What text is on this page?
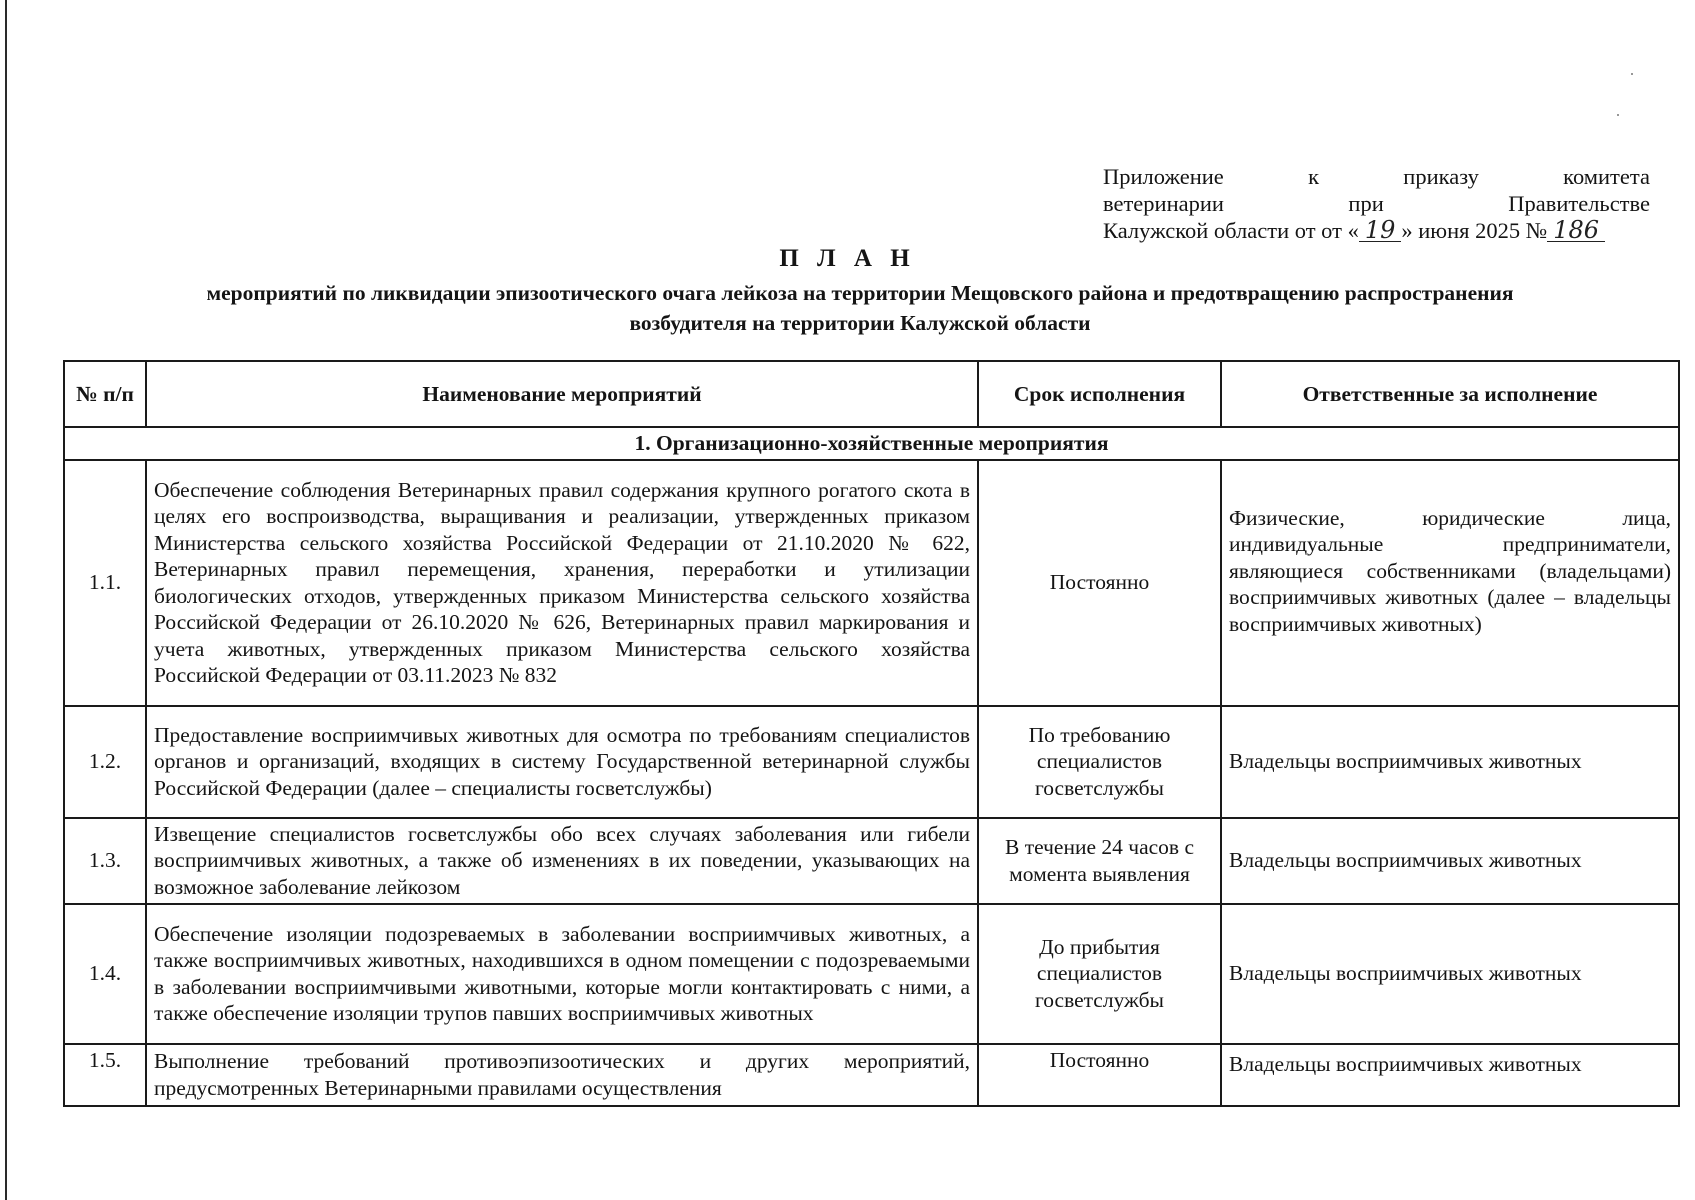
Приложение	к	приказу	комитета
ветеринарии	при	Правительстве
Калужской области от от « 19 » июня 2025 № 186
П Л А Н
мероприятий по ликвидации эпизоотического очага лейкоза на территории Мещовского района и предотвращению распространения возбудителя на территории Калужской области
№ п/п	Наименование мероприятий	Срок исполнения	Ответственные за исполнение
1. Организационно-хозяйственные мероприятия			
1.1.	Обеспечение соблюдения Ветеринарных правил содержания крупного рогатого скота в целях его воспроизводства, выращивания и реализации, утвержденных приказом Министерства сельского хозяйства Российской Федерации от 21.10.2020 № 622, Ветеринарных правил перемещения, хранения, переработки и утилизации биологических отходов, утвержденных приказом Министерства сельского хозяйства Российской Федерации от 26.10.2020 № 626, Ветеринарных правил маркирования и учета животных, утвержденных приказом Министерства сельского хозяйства Российской Федерации от 03.11.2023 № 832	Постоянно	Физические, юридические лица, индивидуальные предприниматели, являющиеся собственниками (владельцами) восприимчивых животных (далее – владельцы восприимчивых животных)
1.2.	Предоставление восприимчивых животных для осмотра по требованиям специалистов органов и организаций, входящих в систему Государственной ветеринарной службы Российской Федерации (далее – специалисты госветслужбы)	По требованию специалистов госветслужбы	Владельцы восприимчивых животных
1.3.	Извещение специалистов госветслужбы обо всех случаях заболевания или гибели восприимчивых животных, а также об изменениях в их поведении, указывающих на возможное заболевание лейкозом	В течение 24 часов с момента выявления	Владельцы восприимчивых животных
1.4.	Обеспечение изоляции подозреваемых в заболевании восприимчивых животных, а также восприимчивых животных, находившихся в одном помещении с подозреваемыми в заболевании восприимчивыми животными, которые могли контактировать с ними, а также обеспечение изоляции трупов павших восприимчивых животных	До прибытия специалистов госветслужбы	Владельцы восприимчивых животных
1.5.	Выполнение требований противоэпизоотических и других мероприятий, предусмотренных Ветеринарными правилами осуществления	Постоянно	Владельцы восприимчивых животных
